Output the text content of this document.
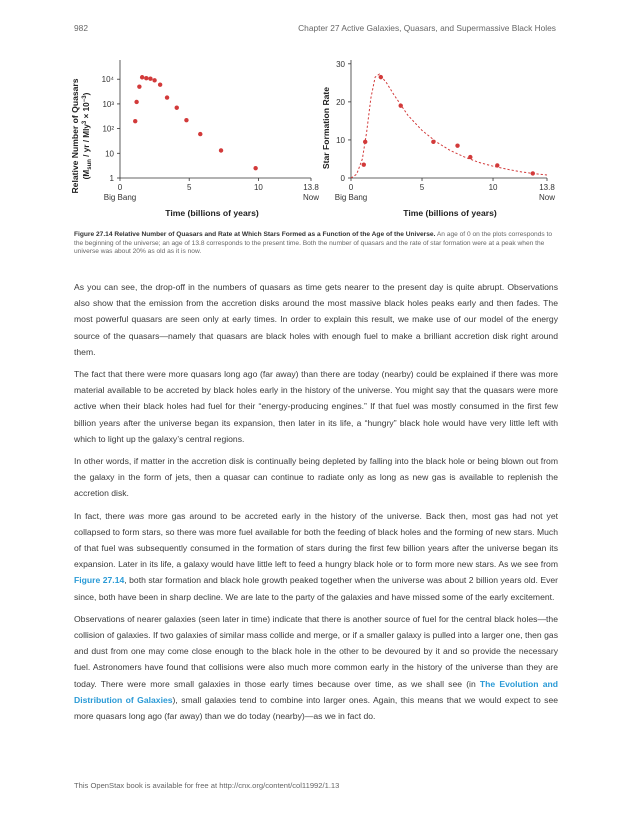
982	Chapter 27 Active Galaxies, Quasars, and Supermassive Black Holes
Relative Number of Quasars ($M_{sun}$ / yr / $Mly^3 \times 10^{-3}$)
1
10
10²
10³
10⁴
0	5	10	13.8
Big Bang	Now
Time (billions of years)
Star Formation Rate
0
10
20
30
0	5	10	13.8
Big Bang	Now
Time (billions of years)
Figure 27.14 Relative Number of Quasars and Rate at Which Stars Formed as a Function of the Age of the Universe. An age of 0 on the plots corresponds to the beginning of the universe; an age of 13.8 corresponds to the present time. Both the number of quasars and the rate of star formation were at a peak when the universe was about 20% as old as it is now.

As you can see, the drop-off in the numbers of quasars as time gets nearer to the present day is quite abrupt. Observations also show that the emission from the accretion disks around the most massive black holes peaks early and then fades. The most powerful quasars are seen only at early times. In order to explain this result, we make use of our model of the energy source of the quasars—namely that quasars are black holes with enough fuel to make a brilliant accretion disk right around them.

The fact that there were more quasars long ago (far away) than there are today (nearby) could be explained if there was more material available to be accreted by black holes early in the history of the universe. You might say that the quasars were more active when their black holes had fuel for their “energy-producing engines.” If that fuel was mostly consumed in the first few billion years after the universe began its expansion, then later in its life, a “hungry” black hole would have very little left with which to light up the galaxy’s central regions.

In other words, if matter in the accretion disk is continually being depleted by falling into the black hole or being blown out from the galaxy in the form of jets, then a quasar can continue to radiate only as long as new gas is available to replenish the accretion disk.

In fact, there was more gas around to be accreted early in the history of the universe. Back then, most gas had not yet collapsed to form stars, so there was more fuel available for both the feeding of black holes and the forming of new stars. Much of that fuel was subsequently consumed in the formation of stars during the first few billion years after the universe began its expansion. Later in its life, a galaxy would have little left to feed a hungry black hole or to form more new stars. As we see from Figure 27.14, both star formation and black hole growth peaked together when the universe was about 2 billion years old. Ever since, both have been in sharp decline. We are late to the party of the galaxies and have missed some of the early excitement.

Observations of nearer galaxies (seen later in time) indicate that there is another source of fuel for the central black holes—the collision of galaxies. If two galaxies of similar mass collide and merge, or if a smaller galaxy is pulled into a larger one, then gas and dust from one may come close enough to the black hole in the other to be devoured by it and so provide the necessary fuel. Astronomers have found that collisions were also much more common early in the history of the universe than they are today. There were more small galaxies in those early times because over time, as we shall see (in The Evolution and Distribution of Galaxies), small galaxies tend to combine into larger ones. Again, this means that we would expect to see more quasars long ago (far away) than we do today (nearby)—as we in fact do.

This OpenStax book is available for free at http://cnx.org/content/col11992/1.13
